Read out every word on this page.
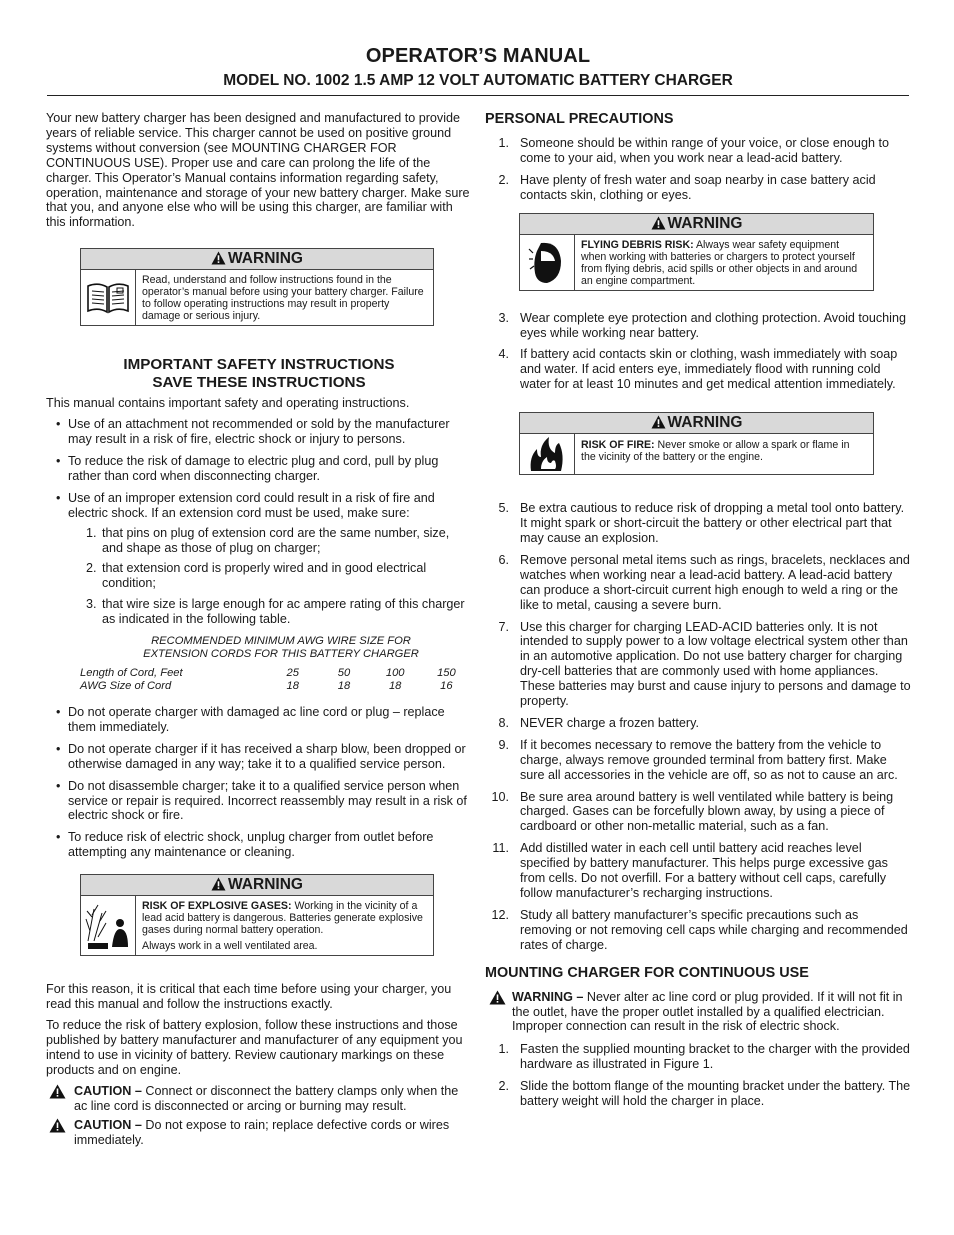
OPERATOR’S MANUAL
MODEL NO. 1002 1.5 AMP 12 VOLT AUTOMATIC BATTERY CHARGER

Your new battery charger has been designed and manufactured to provide years of reliable service. This charger cannot be used on positive ground systems without conversion (see MOUNTING CHARGER FOR CONTINUOUS USE). Proper use and care can prolong the life of the charger. This Operator’s Manual contains information regarding safety, operation, maintenance and storage of your new battery charger. Make sure that you, and anyone else who will be using this charger, are familiar with this information.

WARNING
Read, understand and follow instructions found in the operator’s manual before using your battery charger. Failure to follow operating instructions may result in property damage or serious injury.
IMPORTANT SAFETY INSTRUCTIONS
SAVE THESE INSTRUCTIONS

This manual contains important safety and operating instructions.

• Use of an attachment not recommended or sold by the manufacturer may result in a risk of fire, electric shock or injury to persons.
• To reduce the risk of damage to electric plug and cord, pull by plug rather than cord when disconnecting charger.
• Use of an improper extension cord could result in a risk of fire and electric shock. If an extension cord must be used, make sure:
1. that pins on plug of extension cord are the same number, size, and shape as those of plug on charger;
2. that extension cord is properly wired and in good electrical condition;
3. that wire size is large enough for ac ampere rating of this charger as indicated in the following table.
RECOMMENDED MINIMUM AWG WIRE SIZE FOR
EXTENSION CORDS FOR THIS BATTERY CHARGER
Length of Cord, Feet	25	50	100	150
AWG Size of Cord	18	18	18	16
• Do not operate charger with damaged ac line cord or plug – replace them immediately.
• Do not operate charger if it has received a sharp blow, been dropped or otherwise damaged in any way; take it to a qualified service person.
• Do not disassemble charger; take it to a qualified service person when service or repair is required. Incorrect reassembly may result in a risk of electric shock or fire.
• To reduce risk of electric shock, unplug charger from outlet before attempting any maintenance or cleaning.
WARNING
RISK OF EXPLOSIVE GASES: Working in the vicinity of a lead acid battery is dangerous. Batteries generate explosive gases during normal battery operation.
Always work in a well ventilated area.

For this reason, it is critical that each time before using your charger, you read this manual and follow the instructions exactly.

To reduce the risk of battery explosion, follow these instructions and those published by battery manufacturer and manufacturer of any equipment you intend to use in vicinity of battery. Review cautionary markings on these products and on engine.

CAUTION – Connect or disconnect the battery clamps only when the ac line cord is disconnected or arcing or burning may result.
CAUTION – Do not expose to rain; replace defective cords or wires immediately.
PERSONAL PRECAUTIONS
1. Someone should be within range of your voice, or close enough to come to your aid, when you work near a lead-acid battery.
2. Have plenty of fresh water and soap nearby in case battery acid contacts skin, clothing or eyes.
WARNING
FLYING DEBRIS RISK: Always wear safety equipment when working with batteries or chargers to protect yourself from flying debris, acid spills or other objects in and around an engine compartment.
3. Wear complete eye protection and clothing protection. Avoid touching eyes while working near battery.
4. If battery acid contacts skin or clothing, wash immediately with soap and water. If acid enters eye, immediately flood with running cold water for at least 10 minutes and get medical attention immediately.
WARNING
RISK OF FIRE: Never smoke or allow a spark or flame in the vicinity of the battery or the engine.
5. Be extra cautious to reduce risk of dropping a metal tool onto battery. It might spark or short-circuit the battery or other electrical part that may cause an explosion.
6. Remove personal metal items such as rings, bracelets, necklaces and watches when working near a lead-acid battery. A lead-acid battery can produce a short-circuit current high enough to weld a ring or the like to metal, causing a severe burn.
7. Use this charger for charging LEAD-ACID batteries only. It is not intended to supply power to a low voltage electrical system other than in an automotive application. Do not use battery charger for charging dry-cell batteries that are commonly used with home appliances. These batteries may burst and cause injury to persons and damage to property.
8. NEVER charge a frozen battery.
9. If it becomes necessary to remove the battery from the vehicle to charge, always remove grounded terminal from battery first. Make sure all accessories in the vehicle are off, so as not to cause an arc.
10. Be sure area around battery is well ventilated while battery is being charged. Gases can be forcefully blown away, by using a piece of cardboard or other non-metallic material, such as a fan.
11. Add distilled water in each cell until battery acid reaches level specified by battery manufacturer. This helps purge excessive gas from cells. Do not overfill. For a battery without cell caps, carefully follow manufacturer’s recharging instructions.
12. Study all battery manufacturer’s specific precautions such as removing or not removing cell caps while charging and recommended rates of charge.
MOUNTING CHARGER FOR CONTINUOUS USE
WARNING – Never alter ac line cord or plug provided. If it will not fit in the outlet, have the proper outlet installed by a qualified electrician. Improper connection can result in the risk of electric shock.
1. Fasten the supplied mounting bracket to the charger with the provided hardware as illustrated in Figure 1.
2. Slide the bottom flange of the mounting bracket under the battery. The battery weight will hold the charger in place.
